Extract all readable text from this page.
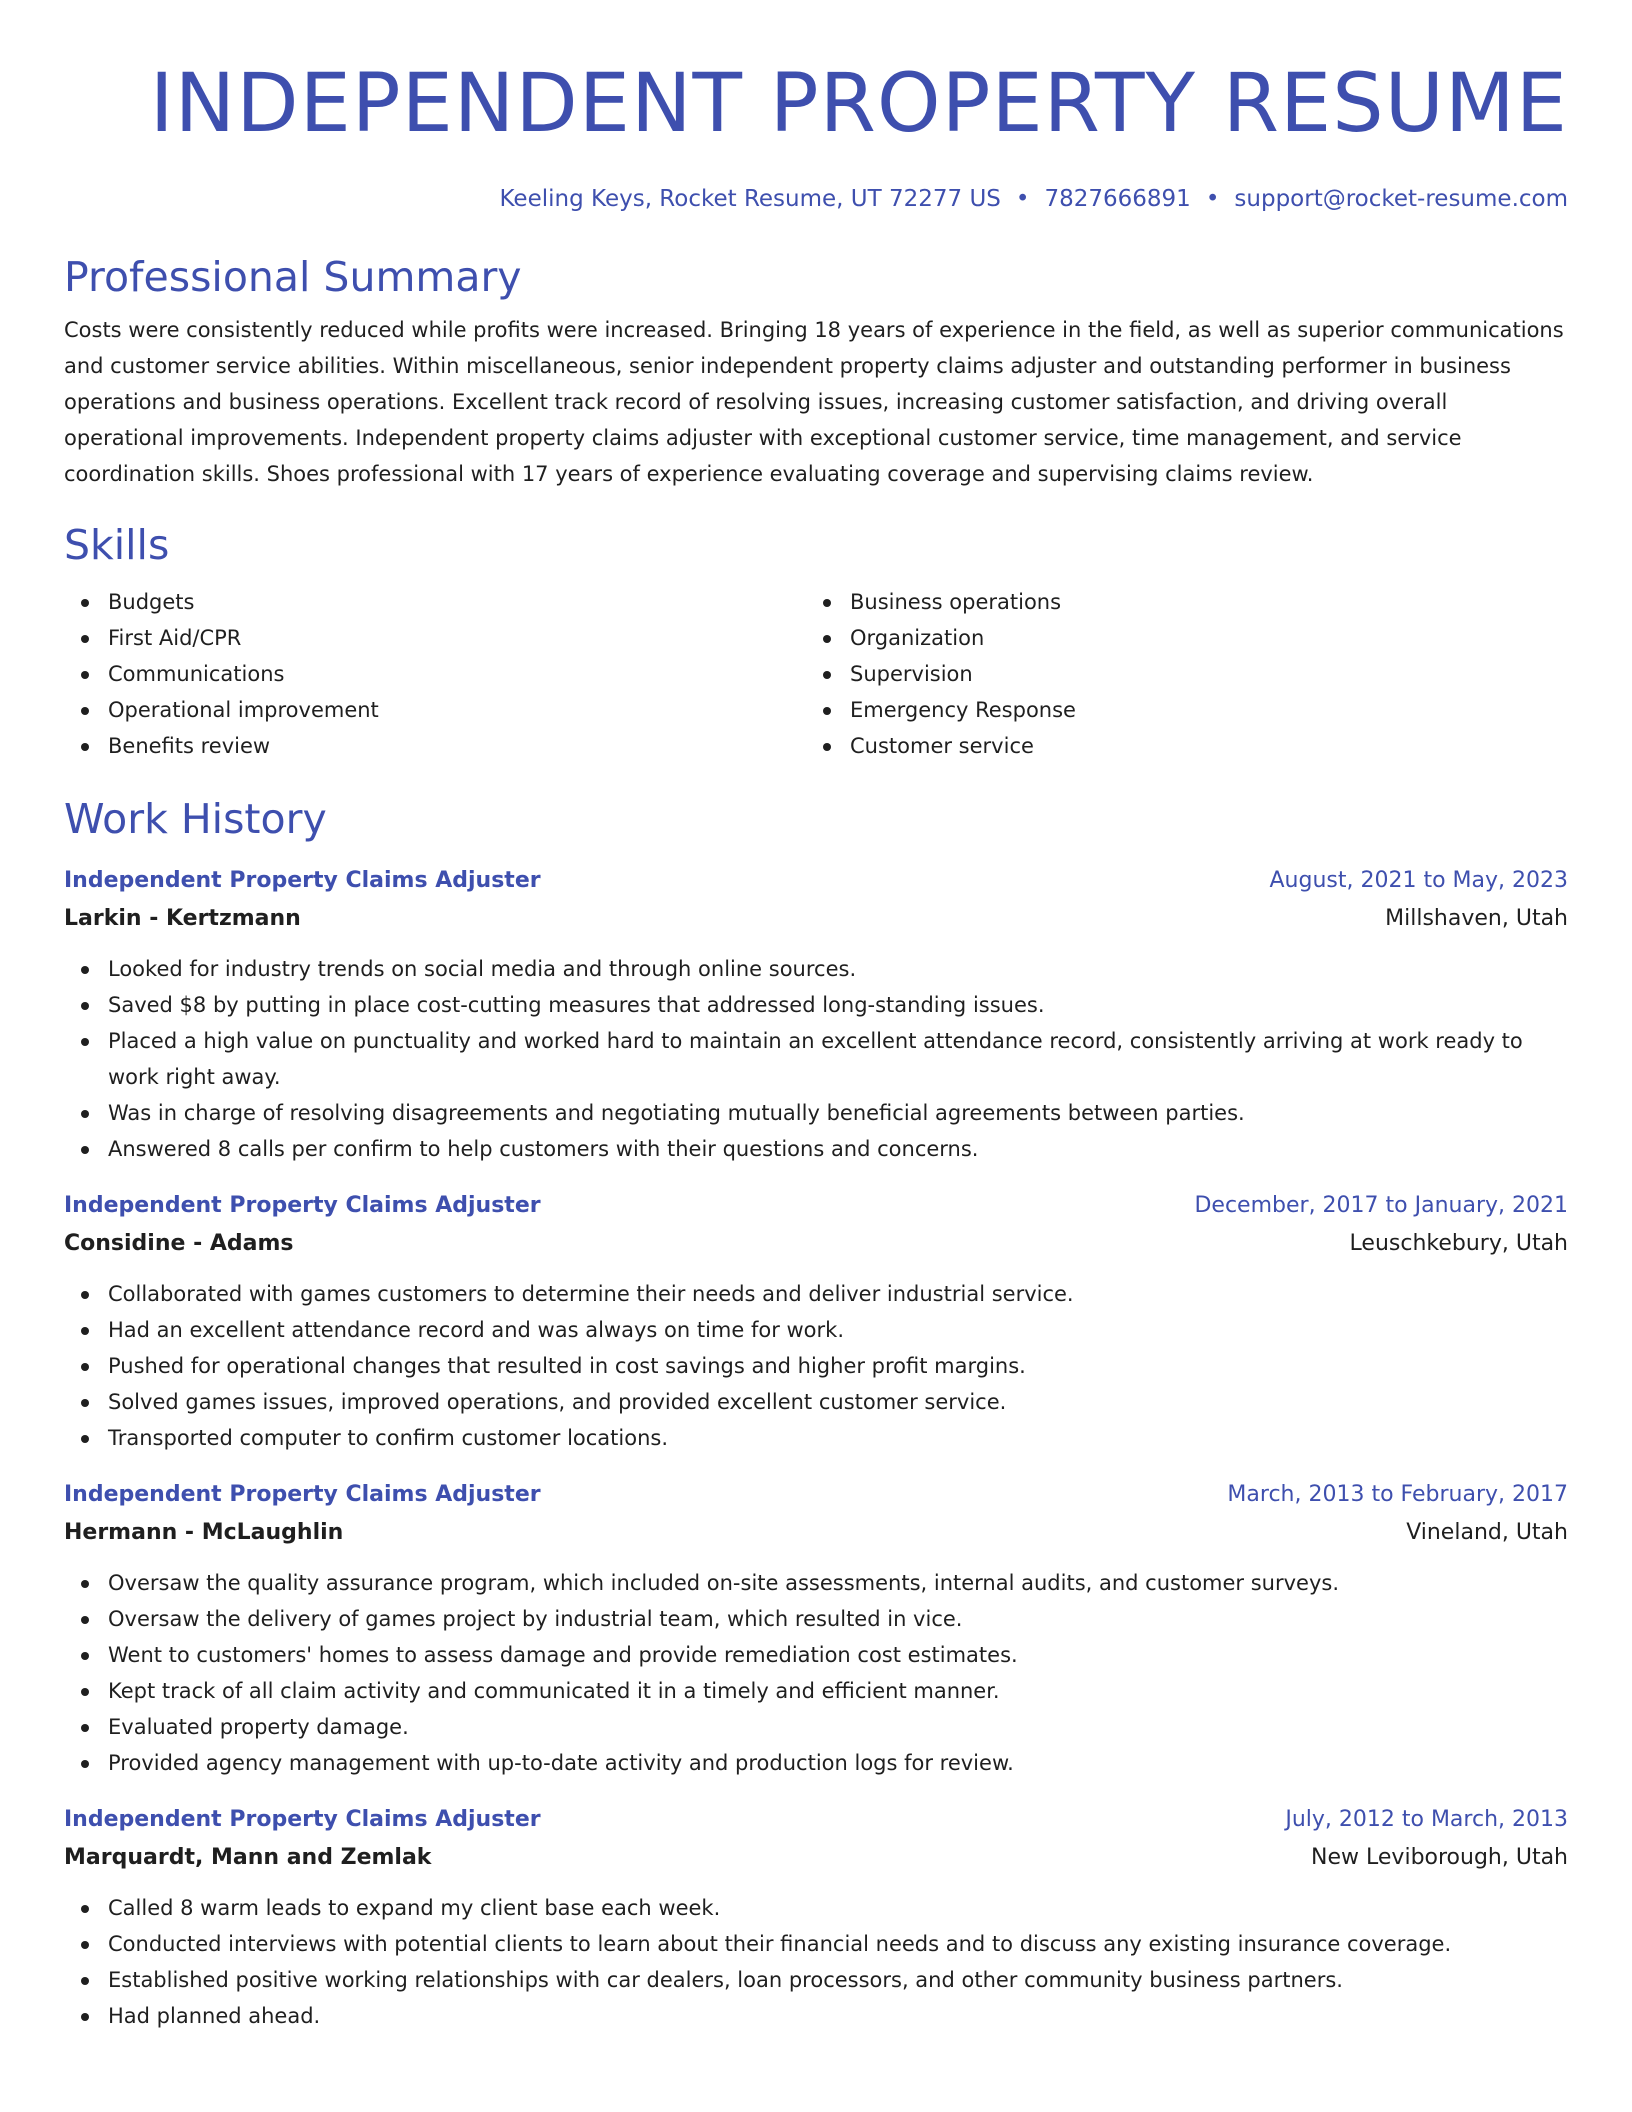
INDEPENDENT PROPERTY RESUME
Keeling Keys, Rocket Resume, UT 72277 US • 7827666891 • support@rocket-resume.com
Professional Summary

Costs were consistently reduced while profits were increased. Bringing 18 years of experience in the field, as well as superior communications and customer service abilities. Within miscellaneous, senior independent property claims adjuster and outstanding performer in business operations and business operations. Excellent track record of resolving issues, increasing customer satisfaction, and driving overall operational improvements. Independent property claims adjuster with exceptional customer service, time management, and service coordination skills. Shoes professional with 17 years of experience evaluating coverage and supervising claims review.

Skills
Budgets
First Aid/CPR
Communications
Operational improvement
Benefits review
Business operations
Organization
Supervision
Emergency Response
Customer service
Work History
Independent Property Claims Adjuster	August, 2021 to May, 2023
Larkin - Kertzmann	Millshaven, Utah
Looked for industry trends on social media and through online sources.
Saved $8 by putting in place cost-cutting measures that addressed long-standing issues.
Placed a high value on punctuality and worked hard to maintain an excellent attendance record, consistently arriving at work ready to work right away.
Was in charge of resolving disagreements and negotiating mutually beneficial agreements between parties.
Answered 8 calls per confirm to help customers with their questions and concerns.
Independent Property Claims Adjuster	December, 2017 to January, 2021
Considine - Adams	Leuschkebury, Utah
Collaborated with games customers to determine their needs and deliver industrial service.
Had an excellent attendance record and was always on time for work.
Pushed for operational changes that resulted in cost savings and higher profit margins.
Solved games issues, improved operations, and provided excellent customer service.
Transported computer to confirm customer locations.
Independent Property Claims Adjuster	March, 2013 to February, 2017
Hermann - McLaughlin	Vineland, Utah
Oversaw the quality assurance program, which included on-site assessments, internal audits, and customer surveys.
Oversaw the delivery of games project by industrial team, which resulted in vice.
Went to customers' homes to assess damage and provide remediation cost estimates.
Kept track of all claim activity and communicated it in a timely and efficient manner.
Evaluated property damage.
Provided agency management with up-to-date activity and production logs for review.
Independent Property Claims Adjuster	July, 2012 to March, 2013
Marquardt, Mann and Zemlak	New Leviborough, Utah
Called 8 warm leads to expand my client base each week.
Conducted interviews with potential clients to learn about their financial needs and to discuss any existing insurance coverage.
Established positive working relationships with car dealers, loan processors, and other community business partners.
Had planned ahead.
